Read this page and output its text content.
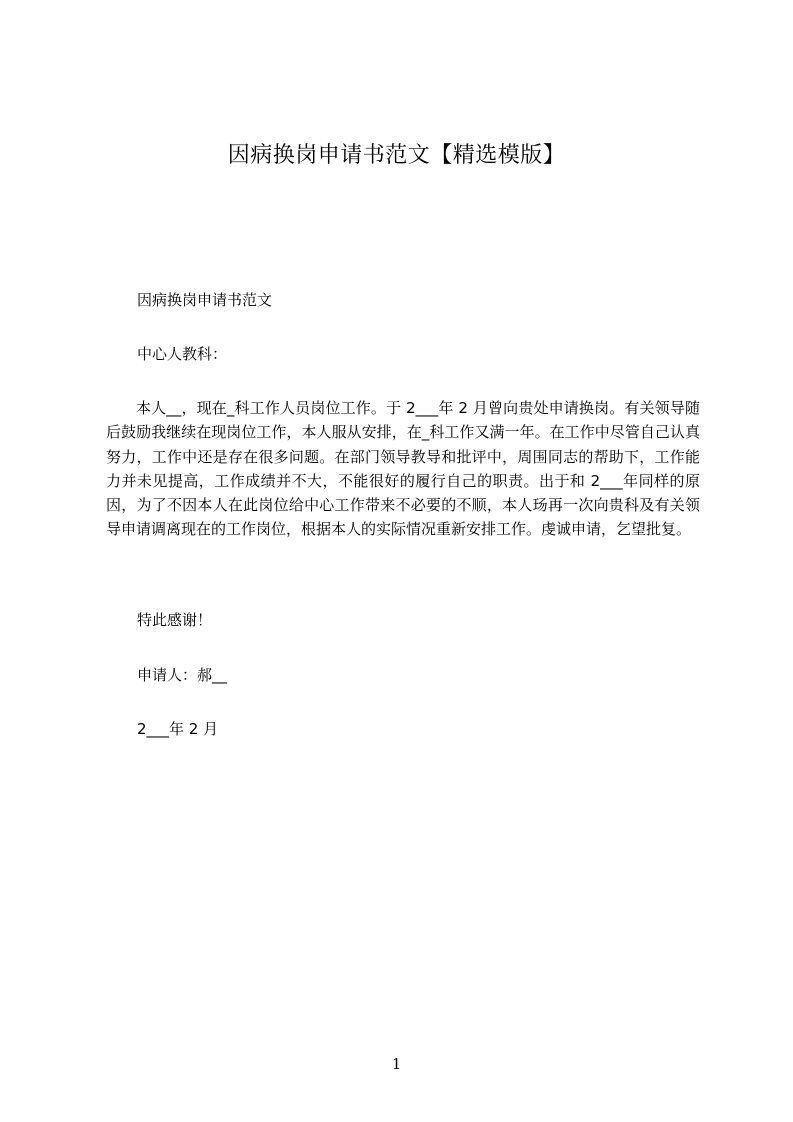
因病换岗申请书范文【精选模版】
因病换岗申请书范文
中心人教科：
本人__，现在_科工作人员岗位工作。于 2___年 2 月曾向贵处申请换岗。有关领导随后鼓励我继续在现岗位工作，本人服从安排，在_科工作又满一年。在工作中尽管自己认真努力，工作中还是存在很多问题。在部门领导教导和批评中，周围同志的帮助下，工作能力并未见提高，工作成绩并不大，不能很好的履行自己的职责。出于和 2___年同样的原因，为了不因本人在此岗位给中心工作带来不必要的不顺，本人玚再一次向贵科及有关领导申请调离现在的工作岗位，根据本人的实际情况重新安排工作。虔诚申请，乞望批复。
特此感谢！
申请人：郝__
2___年 2 月
1
